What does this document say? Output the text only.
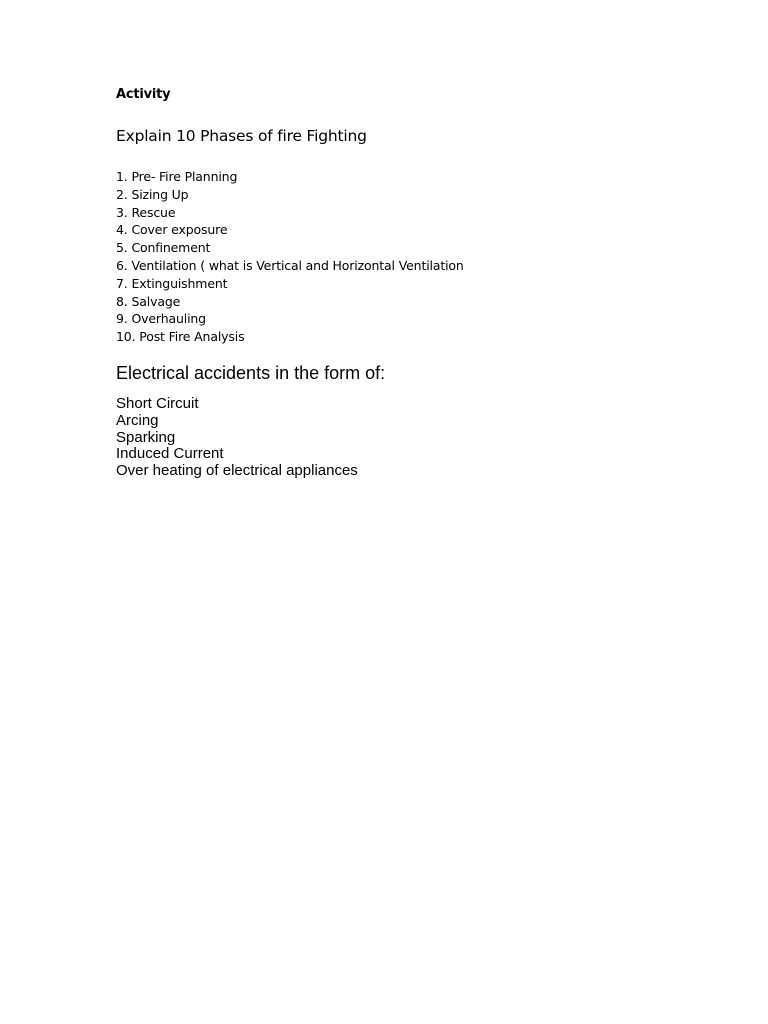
Activity

Explain 10 Phases of fire Fighting

1. Pre- Fire Planning
2. Sizing Up
3. Rescue
4. Cover exposure
5. Confinement
6. Ventilation ( what is Vertical and Horizontal Ventilation
7. Extinguishment
8. Salvage
9. Overhauling
10. Post Fire Analysis

Electrical accidents in the form of:

Short Circuit
Arcing
Sparking
Induced Current
Over heating of electrical appliances
